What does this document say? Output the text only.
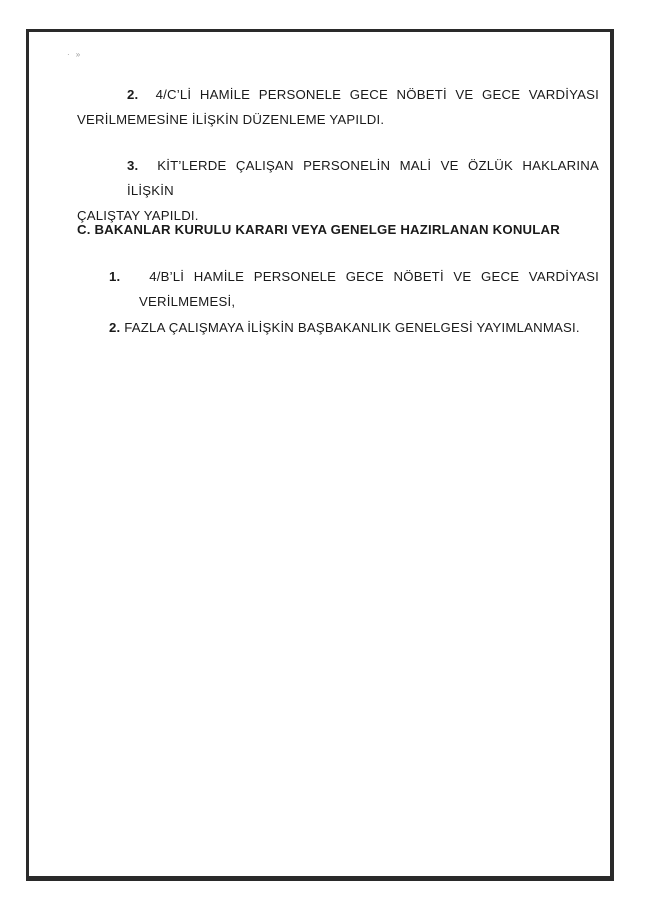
·   »
2. 4/C’Lİ HAMİLE PERSONELE GECE NÖBETİ VE GECE VARDİYASI
VERİLMEMESİNE İLİŞKİN DÜZENLEME YAPILDI.
3. KİT’LERDE ÇALIŞAN PERSONELİN MALİ VE ÖZLÜK HAKLARINA İLİŞKİN
ÇALIŞTAY YAPILDI.
C. BAKANLAR KURULU KARARI VEYA GENELGE HAZIRLANAN KONULAR
1. 4/B’Lİ HAMİLE PERSONELE GECE NÖBETİ VE GECE VARDİYASI
VERİLMEMESİ,
2. FAZLA ÇALIŞMAYA İLİŞKİN BAŞBAKANLIK GENELGESİ YAYIMLANMASI.
